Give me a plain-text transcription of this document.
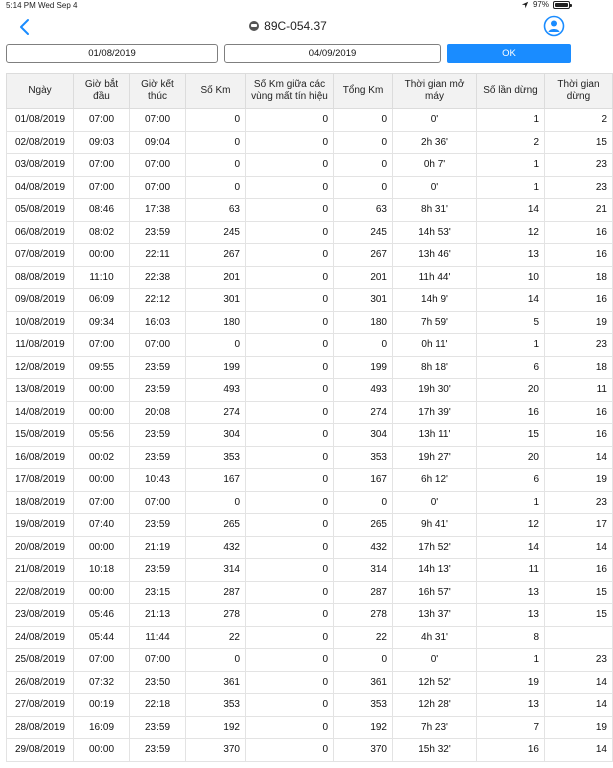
5:14 PM Wed Sep 4	97%
89C-054.37
01/08/2019	04/09/2019	OK
Ngày	Giờ bắt đầu	Giờ kết thúc	Số Km	Số Km giữa các vùng mất tín hiệu	Tổng Km	Thời gian mở máy	Số lần dừng	Thời gian dừng
01/08/2019	07:00	07:00	0	0	0	0'	1	2
02/08/2019	09:03	09:04	0	0	0	2h 36'	2	15
03/08/2019	07:00	07:00	0	0	0	0h 7'	1	23
04/08/2019	07:00	07:00	0	0	0	0'	1	23
05/08/2019	08:46	17:38	63	0	63	8h 31'	14	21
06/08/2019	08:02	23:59	245	0	245	14h 53'	12	16
07/08/2019	00:00	22:11	267	0	267	13h 46'	13	16
08/08/2019	11:10	22:38	201	0	201	11h 44'	10	18
09/08/2019	06:09	22:12	301	0	301	14h 9'	14	16
10/08/2019	09:34	16:03	180	0	180	7h 59'	5	19
11/08/2019	07:00	07:00	0	0	0	0h 11'	1	23
12/08/2019	09:55	23:59	199	0	199	8h 18'	6	18
13/08/2019	00:00	23:59	493	0	493	19h 30'	20	11
14/08/2019	00:00	20:08	274	0	274	17h 39'	16	16
15/08/2019	05:56	23:59	304	0	304	13h 11'	15	16
16/08/2019	00:02	23:59	353	0	353	19h 27'	20	14
17/08/2019	00:00	10:43	167	0	167	6h 12'	6	19
18/08/2019	07:00	07:00	0	0	0	0'	1	23
19/08/2019	07:40	23:59	265	0	265	9h 41'	12	17
20/08/2019	00:00	21:19	432	0	432	17h 52'	14	14
21/08/2019	10:18	23:59	314	0	314	14h 13'	11	16
22/08/2019	00:00	23:15	287	0	287	16h 57'	13	15
23/08/2019	05:46	21:13	278	0	278	13h 37'	13	15
24/08/2019	05:44	11:44	22	0	22	4h 31'	8	
25/08/2019	07:00	07:00	0	0	0	0'	1	23
26/08/2019	07:32	23:50	361	0	361	12h 52'	19	14
27/08/2019	00:19	22:18	353	0	353	12h 28'	13	14
28/08/2019	16:09	23:59	192	0	192	7h 23'	7	19
29/08/2019	00:00	23:59	370	0	370	15h 32'	16	14
